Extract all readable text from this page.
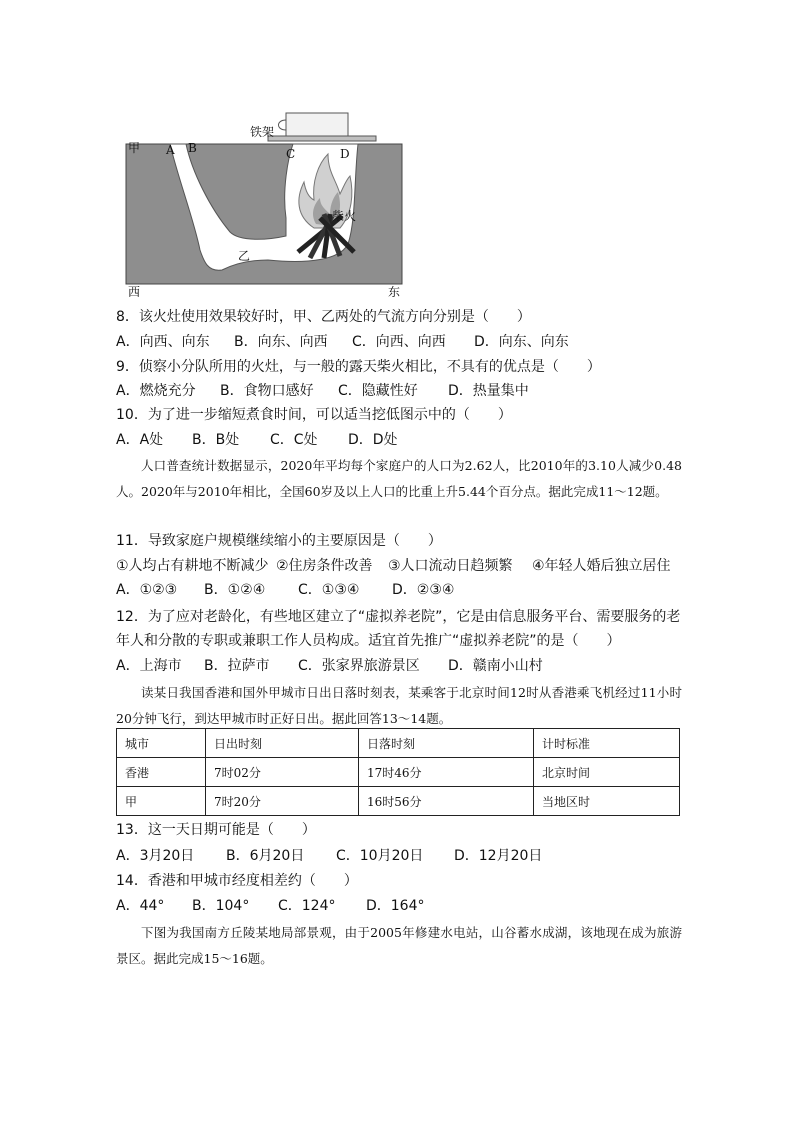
甲 A B	C	D
铁架
柴火
乙
西	东
8．该火灶使用效果较好时，甲、乙两处的气流方向分别是（　　）
A．向西、向东 B．向东、向西 C．向西、向西 D．向东、向东
9．侦察小分队所用的火灶，与一般的露天柴火相比，不具有的优点是（　　）
A．燃烧充分 B．食物口感好 C．隐藏性好 D．热量集中
10．为了进一步缩短煮食时间，可以适当挖低图示中的（　　）
A．A处 B．B处 C．C处 D．D处
人口普查统计数据显示，2020年平均每个家庭户的人口为2.62人，比2010年的3.10人减少0.48人。2020年与2010年相比，全国60岁及以上人口的比重上升5.44个百分点。据此完成11～12题。
11．导致家庭户规模继续缩小的主要原因是（　　）
①人均占有耕地不断减少 ②住房条件改善 ③人口流动日趋频繁 ④年轻人婚后独立居住
A．①②③ B．①②④ C．①③④ D．②③④
12．为了应对老龄化，有些地区建立了“虚拟养老院”，它是由信息服务平台、需要服务的老
年人和分散的专职或兼职工作人员构成。适宜首先推广“虚拟养老院”的是（　　）
A．上海市 B．拉萨市 C．张家界旅游景区 D．赣南小山村
读某日我国香港和国外甲城市日出日落时刻表，某乘客于北京时间12时从香港乘飞机经过11小时20分钟飞行，到达甲城市时正好日出。据此回答13～14题。
城市	日出时刻	日落时刻	计时标准
香港	7时02分	17时46分	北京时间
甲	7时20分	16时56分	当地区时
13．这一天日期可能是（　　）
A．3月20日 B．6月20日 C．10月20日 D．12月20日
14．香港和甲城市经度相差约（　　）
A．44° B．104° C．124° D．164°
下图为我国南方丘陵某地局部景观，由于2005年修建水电站，山谷蓄水成湖，该地现在成为旅游景区。据此完成15～16题。
